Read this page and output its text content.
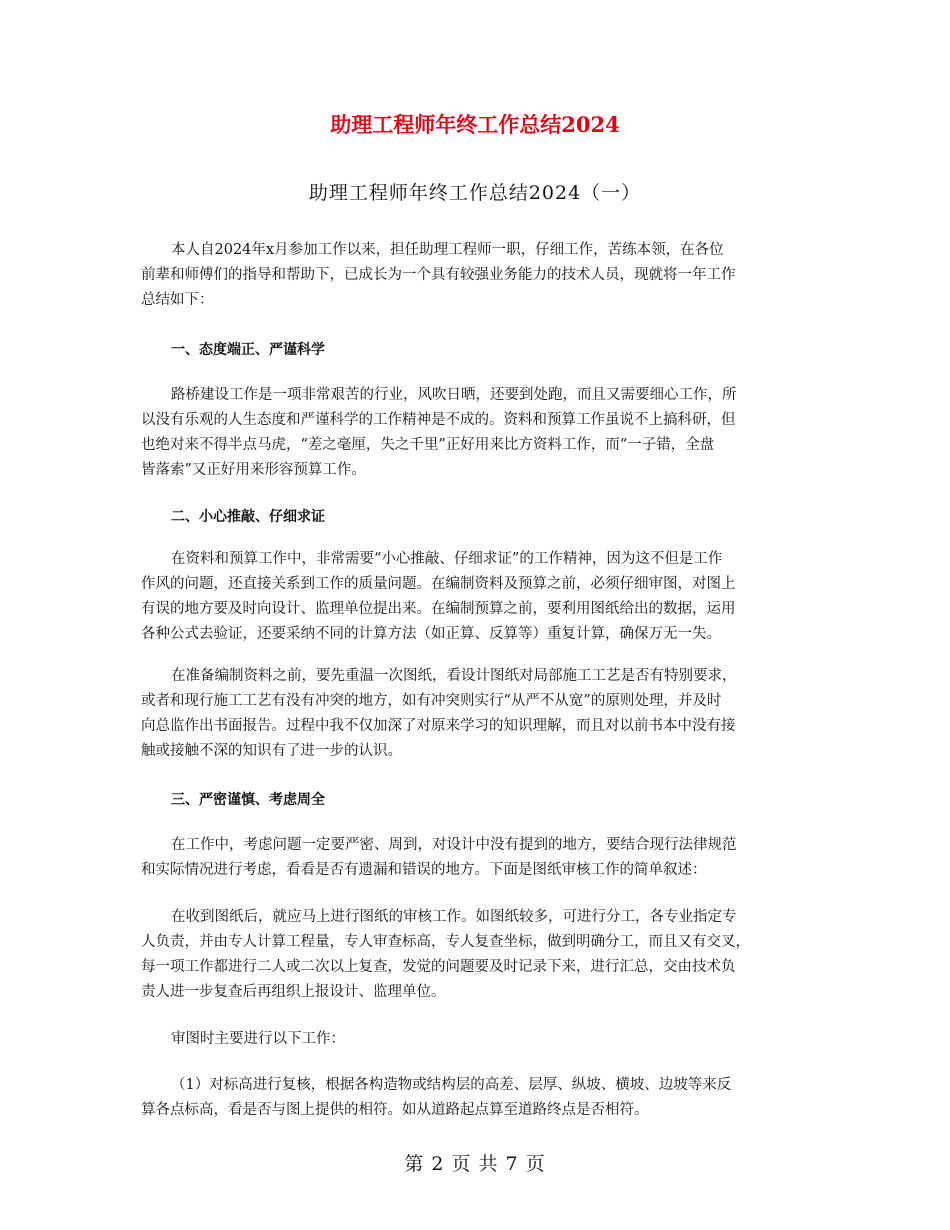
助理工程师年终工作总结2024
助理工程师年终工作总结2024（一）

本人自2024年x月参加工作以来，担任助理工程师一职，仔细工作，苦练本领，在各位
前辈和师傅们的指导和帮助下，已成长为一个具有较强业务能力的技术人员，现就将一年工作
总结如下：

一、态度端正、严谨科学

路桥建设工作是一项非常艰苦的行业，风吹日晒，还要到处跑，而且又需要细心工作，所
以没有乐观的人生态度和严谨科学的工作精神是不成的。资料和预算工作虽说不上搞科研，但
也绝对来不得半点马虎，“差之毫厘，失之千里”正好用来比方资料工作，而“一子错，全盘
皆落索”又正好用来形容预算工作。

二、小心推敲、仔细求证

在资料和预算工作中，非常需要“小心推敲、仔细求证”的工作精神，因为这不但是工作
作风的问题，还直接关系到工作的质量问题。在编制资料及预算之前，必须仔细审图，对图上
有误的地方要及时向设计、监理单位提出来。在编制预算之前，要利用图纸给出的数据，运用
各种公式去验证，还要采纳不同的计算方法（如正算、反算等）重复计算，确保万无一失。

在准备编制资料之前，要先重温一次图纸，看设计图纸对局部施工工艺是否有特别要求，
或者和现行施工工艺有没有冲突的地方，如有冲突则实行“从严不从宽”的原则处理，并及时
向总监作出书面报告。过程中我不仅加深了对原来学习的知识理解，而且对以前书本中没有接
触或接触不深的知识有了进一步的认识。

三、严密谨慎、考虑周全

在工作中，考虑问题一定要严密、周到，对设计中没有提到的地方，要结合现行法律规范
和实际情况进行考虑，看看是否有遗漏和错误的地方。下面是图纸审核工作的简单叙述：

在收到图纸后，就应马上进行图纸的审核工作。如图纸较多，可进行分工，各专业指定专
人负责，并由专人计算工程量，专人审查标高，专人复查坐标，做到明确分工，而且又有交叉，
每一项工作都进行二人或二次以上复查，发觉的问题要及时记录下来，进行汇总，交由技术负
责人进一步复查后再组织上报设计、监理单位。

审图时主要进行以下工作：

（1）对标高进行复核，根据各构造物或结构层的高差、层厚、纵坡、横坡、边坡等来反
算各点标高，看是否与图上提供的相符。如从道路起点算至道路终点是否相符。

第 2 页 共 7 页
